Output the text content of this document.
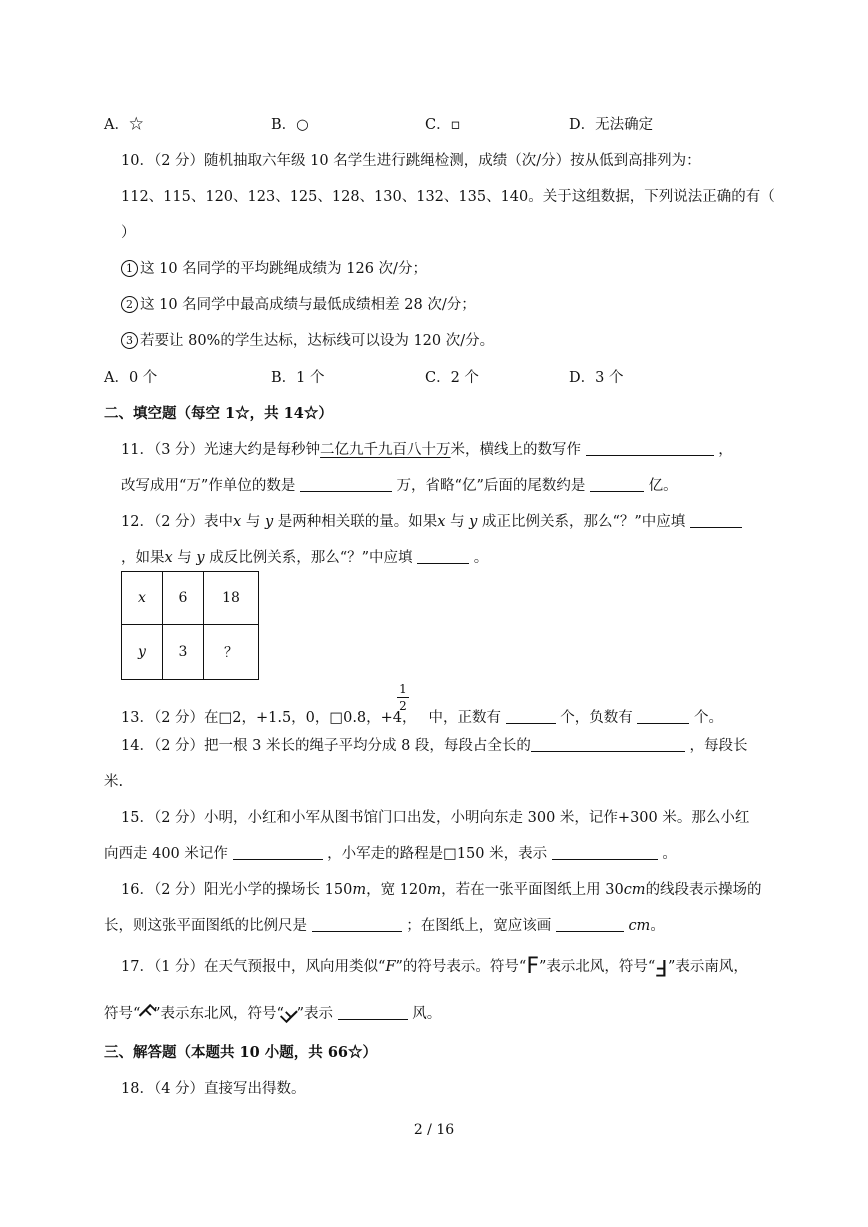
A．☆	B．○	C．▫	D．无法确定
10．（2 分）随机抽取六年级 10 名学生进行跳绳检测，成绩（次/分）按从低到高排列为：
112、115、120、123、125、128、130、132、135、140。关于这组数据，下列说法正确的有（
）
1 这 10 名同学的平均跳绳成绩为 126 次/分；
2 这 10 名同学中最高成绩与最低成绩相差 28 次/分；
3 若要让 80%的学生达标，达标线可以设为 120 次/分。
A．0 个	B．1 个	C．2 个	D．3 个
二、填空题（每空 1☆，共 14☆）
11．（3 分）光速大约是每秒钟二亿九千九百八十万米，横线上的数写作	，
改写成用“万”作单位的数是	万，省略“亿”后面的尾数约是	亿。
12．（2 分）表中x 与 y 是两种相关联的量。如果x 与 y 成正比例关系，那么“？”中应填
，如果x 与 y 成反比例关系，那么“？”中应填	。
x	6	18
y	3	？
1
2
13．（2 分）在□2，+1.5，0，□0.8，+4， 中，正数有	个，负数有	个。
14．（2 分）把一根 3 米长的绳子平均分成 8 段，每段占全长的	，每段长
米.
15．（2 分）小明，小红和小军从图书馆门口出发，小明向东走 300 米，记作+300 米。那么小红
向西走 400 米记作	，小军走的路程是□150 米，表示	。
16．（2 分）阳光小学的操场长 150m，宽 120m，若在一张平面图纸上用 30cm的线段表示操场的
长，则这张平面图纸的比例尺是	；在图纸上，宽应该画	cm。
17．（1 分）在天气预报中，风向用类似“F”的符号表示。符号“F”表示北风，符号“F”表示南风，
符号“F”表示东北风，符号“F”表示	风。
三、解答题（本题共 10 小题，共 66☆）
18．（4 分）直接写出得数。
2 / 16
